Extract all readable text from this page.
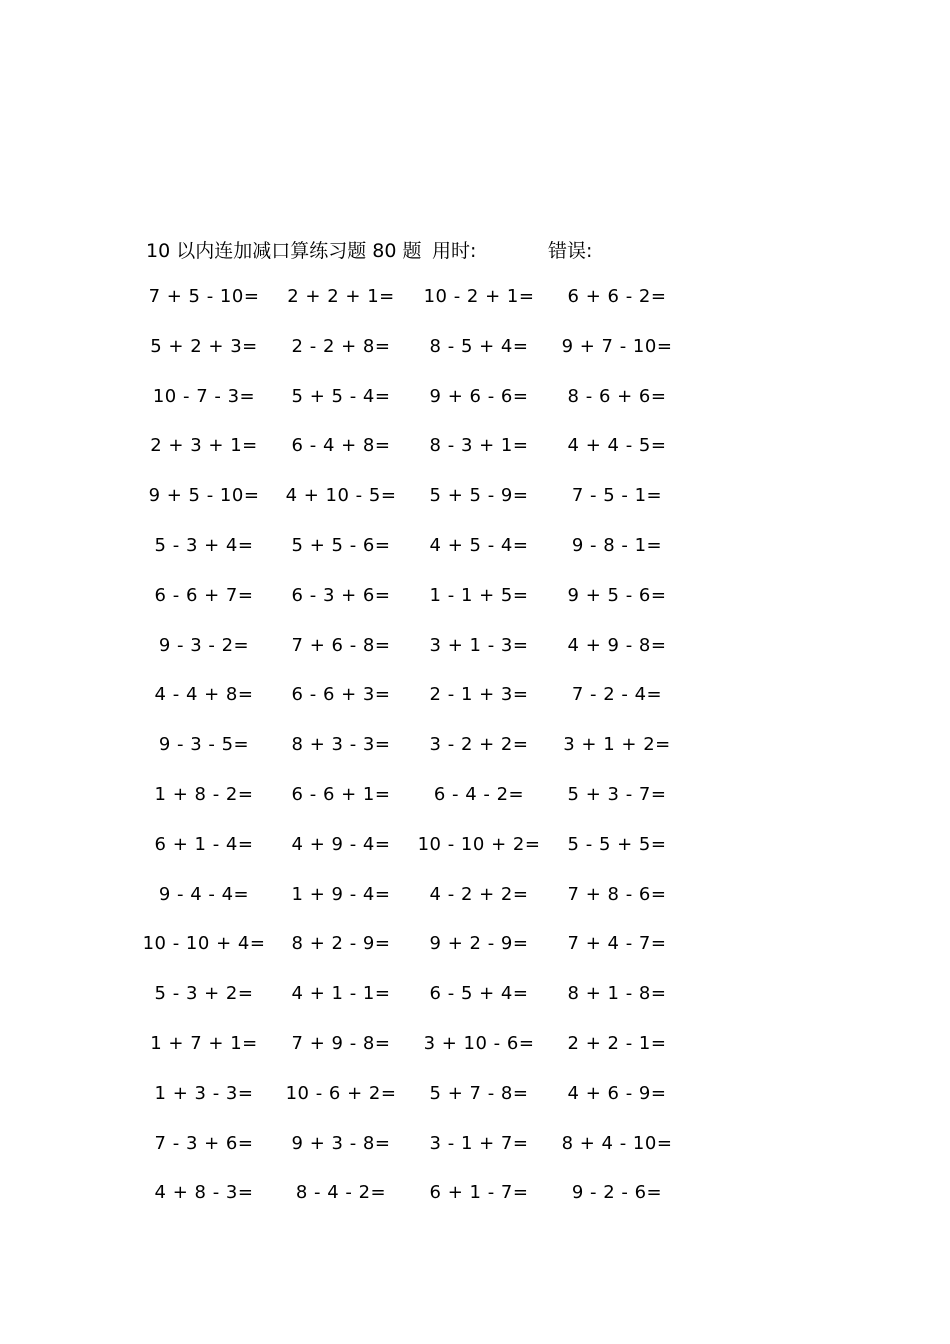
10 以内连加减口算练习题 80 题 用时:	错误:
7 + 5 - 10=	2 + 2 + 1=	10 - 2 + 1=	6 + 6 - 2=
5 + 2 + 3=	2 - 2 + 8=	8 - 5 + 4=	9 + 7 - 10=
10 - 7 - 3=	5 + 5 - 4=	9 + 6 - 6=	8 - 6 + 6=
2 + 3 + 1=	6 - 4 + 8=	8 - 3 + 1=	4 + 4 - 5=
9 + 5 - 10=	4 + 10 - 5=	5 + 5 - 9=	7 - 5 - 1=
5 - 3 + 4=	5 + 5 - 6=	4 + 5 - 4=	9 - 8 - 1=
6 - 6 + 7=	6 - 3 + 6=	1 - 1 + 5=	9 + 5 - 6=
9 - 3 - 2=	7 + 6 - 8=	3 + 1 - 3=	4 + 9 - 8=
4 - 4 + 8=	6 - 6 + 3=	2 - 1 + 3=	7 - 2 - 4=
9 - 3 - 5=	8 + 3 - 3=	3 - 2 + 2=	3 + 1 + 2=
1 + 8 - 2=	6 - 6 + 1=	6 - 4 - 2=	5 + 3 - 7=
6 + 1 - 4=	4 + 9 - 4=	10 - 10 + 2=	5 - 5 + 5=
9 - 4 - 4=	1 + 9 - 4=	4 - 2 + 2=	7 + 8 - 6=
10 - 10 + 4=	8 + 2 - 9=	9 + 2 - 9=	7 + 4 - 7=
5 - 3 + 2=	4 + 1 - 1=	6 - 5 + 4=	8 + 1 - 8=
1 + 7 + 1=	7 + 9 - 8=	3 + 10 - 6=	2 + 2 - 1=
1 + 3 - 3=	10 - 6 + 2=	5 + 7 - 8=	4 + 6 - 9=
7 - 3 + 6=	9 + 3 - 8=	3 - 1 + 7=	8 + 4 - 10=
4 + 8 - 3=	8 - 4 - 2=	6 + 1 - 7=	9 - 2 - 6=
